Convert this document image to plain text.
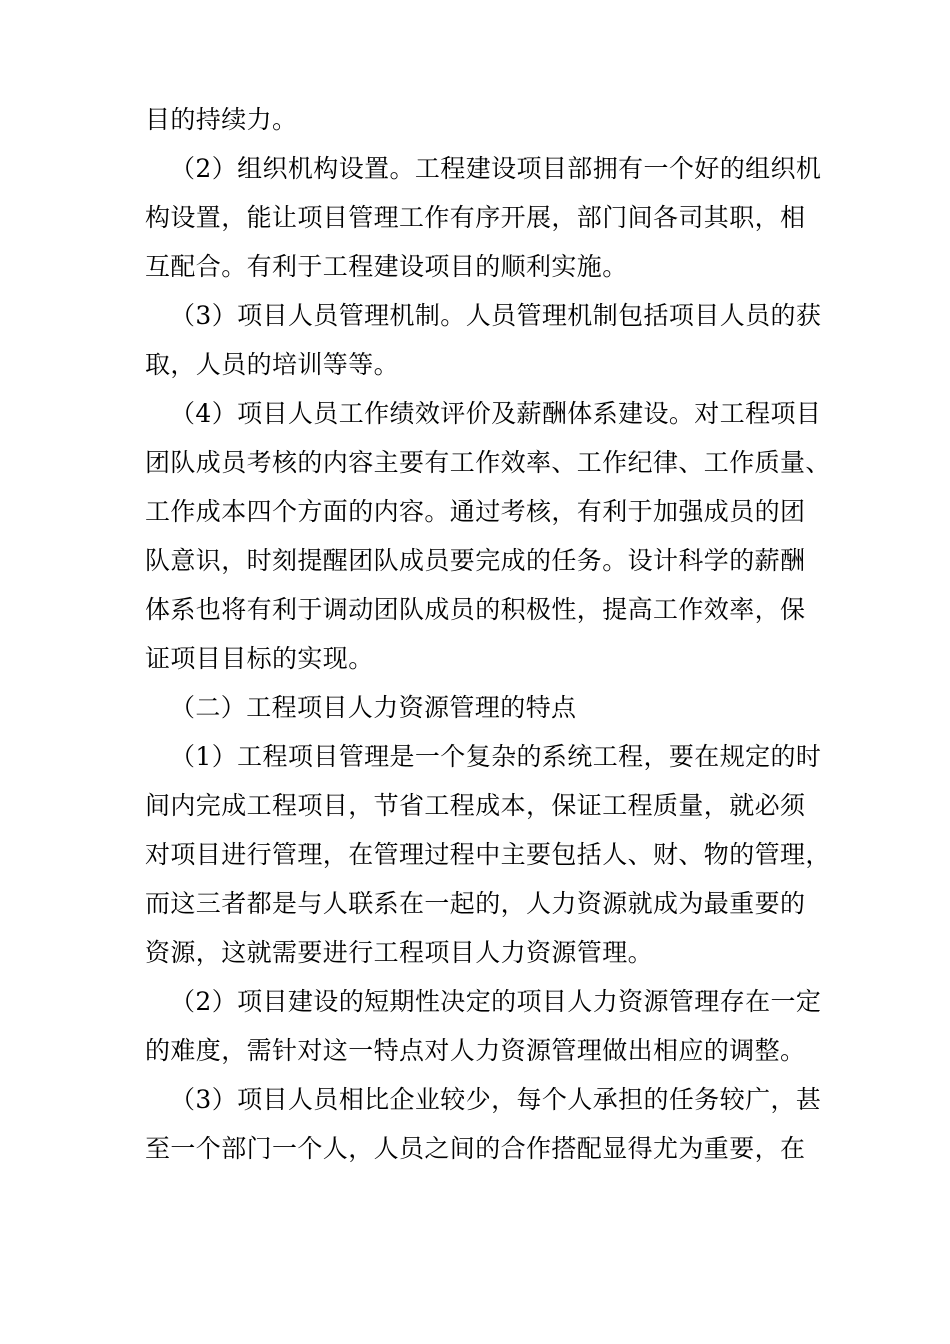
目的持续力。
（2）组织机构设置。工程建设项目部拥有一个好的组织机
构设置，能让项目管理工作有序开展，部门间各司其职，相
互配合。有利于工程建设项目的顺利实施。
（3）项目人员管理机制。人员管理机制包括项目人员的获
取，人员的培训等等。
（4）项目人员工作绩效评价及薪酬体系建设。对工程项目
团队成员考核的内容主要有工作效率、工作纪律、工作质量、
工作成本四个方面的内容。通过考核，有利于加强成员的团
队意识，时刻提醒团队成员要完成的任务。设计科学的薪酬
体系也将有利于调动团队成员的积极性，提高工作效率，保
证项目目标的实现。
（二）工程项目人力资源管理的特点
（1）工程项目管理是一个复杂的系统工程，要在规定的时
间内完成工程项目，节省工程成本，保证工程质量，就必须
对项目进行管理，在管理过程中主要包括人、财、物的管理，
而这三者都是与人联系在一起的，人力资源就成为最重要的
资源，这就需要进行工程项目人力资源管理。
（2）项目建设的短期性决定的项目人力资源管理存在一定
的难度，需针对这一特点对人力资源管理做出相应的调整。
（3）项目人员相比企业较少，每个人承担的任务较广，甚
至一个部门一个人，人员之间的合作搭配显得尤为重要，在
